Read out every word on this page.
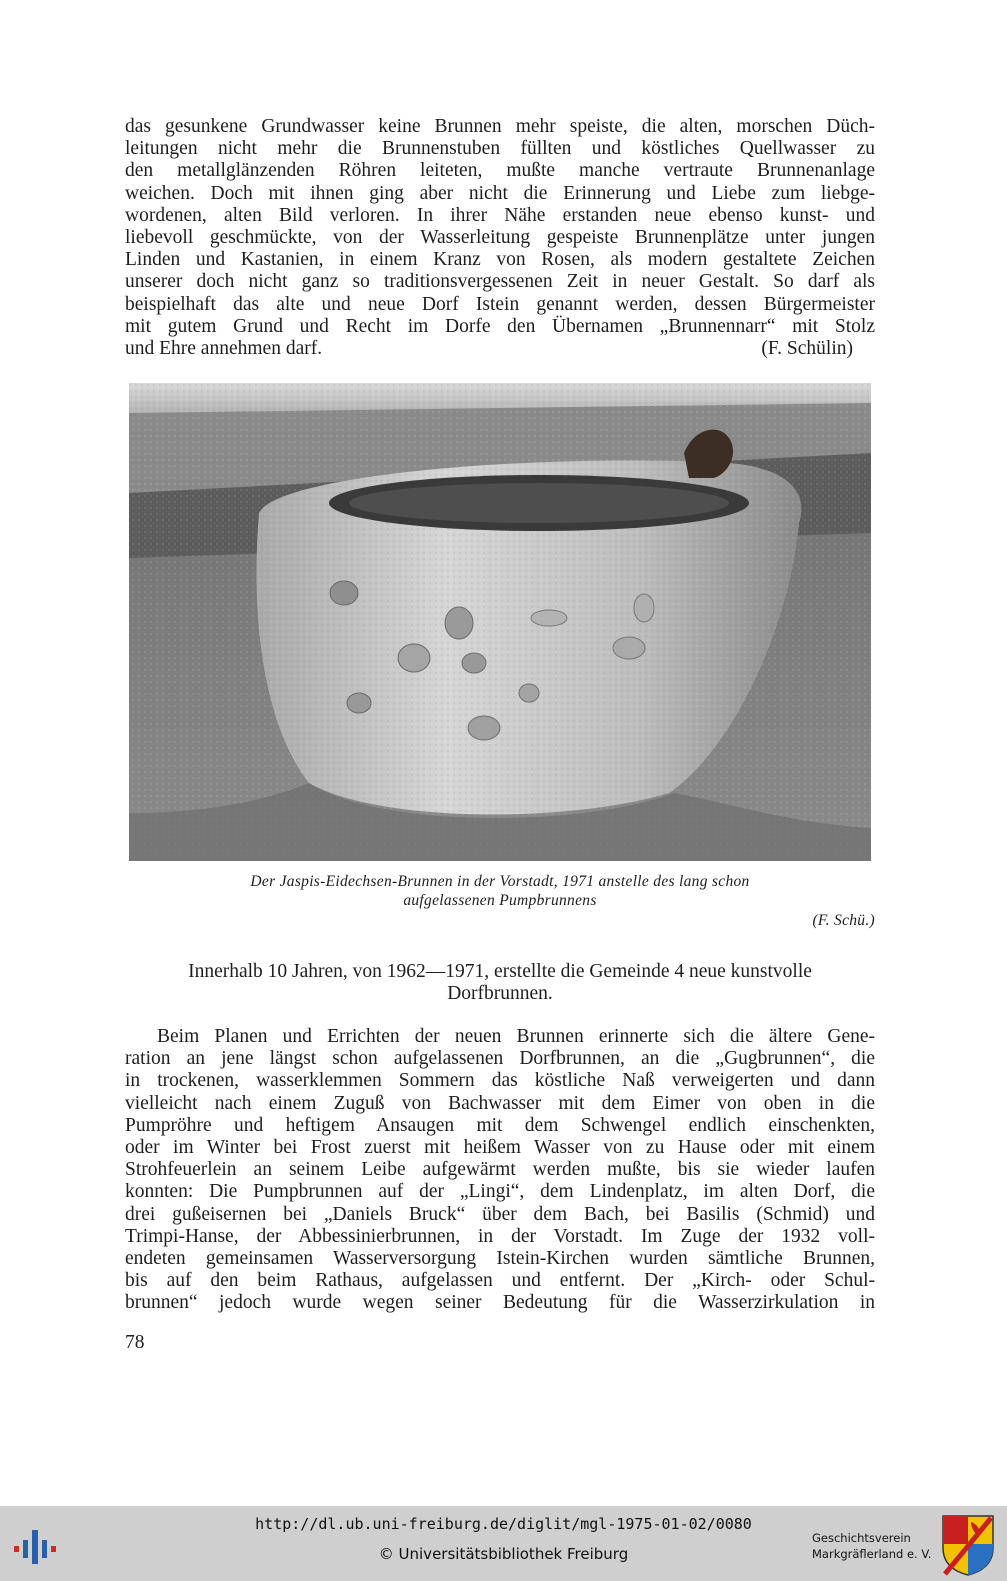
das gesunkene Grundwasser keine Brunnen mehr speiste, die alten, morschen Düch-
leitungen nicht mehr die Brunnenstuben füllten und köstliches Quellwasser zu
den metallglänzenden Röhren leiteten, mußte manche vertraute Brunnenanlage
weichen. Doch mit ihnen ging aber nicht die Erinnerung und Liebe zum liebge-
wordenen, alten Bild verloren. In ihrer Nähe erstanden neue ebenso kunst- und
liebevoll geschmückte, von der Wasserleitung gespeiste Brunnenplätze unter jungen
Linden und Kastanien, in einem Kranz von Rosen, als modern gestaltete Zeichen
unserer doch nicht ganz so traditionsvergessenen Zeit in neuer Gestalt. So darf als
beispielhaft das alte und neue Dorf Istein genannt werden, dessen Bürgermeister
mit gutem Grund und Recht im Dorfe den Übernamen „Brunnennarr“ mit Stolz
und Ehre annehmen darf.	(F. Schülin)
Der Jaspis-Eidechsen-Brunnen in der Vorstadt, 1971 anstelle des lang schon
aufgelassenen Pumpbrunnens
(F. Schü.)
Innerhalb 10 Jahren, von 1962—1971, erstellte die Gemeinde 4 neue kunstvolle
Dorfbrunnen.
Beim Planen und Errichten der neuen Brunnen erinnerte sich die ältere Gene-
ration an jene längst schon aufgelassenen Dorfbrunnen, an die „Gugbrunnen“, die
in trockenen, wasserklemmen Sommern das köstliche Naß verweigerten und dann
vielleicht nach einem Zuguß von Bachwasser mit dem Eimer von oben in die
Pumpröhre und heftigem Ansaugen mit dem Schwengel endlich einschenkten,
oder im Winter bei Frost zuerst mit heißem Wasser von zu Hause oder mit einem
Strohfeuerlein an seinem Leibe aufgewärmt werden mußte, bis sie wieder laufen
konnten: Die Pumpbrunnen auf der „Lingi“, dem Lindenplatz, im alten Dorf, die
drei gußeisernen bei „Daniels Bruck“ über dem Bach, bei Basilis (Schmid) und
Trimpi-Hanse, der Abbessinierbrunnen, in der Vorstadt. Im Zuge der 1932 voll-
endeten gemeinsamen Wasserversorgung Istein-Kirchen wurden sämtliche Brunnen,
bis auf den beim Rathaus, aufgelassen und entfernt. Der „Kirch- oder Schul-
brunnen“ jedoch wurde wegen seiner Bedeutung für die Wasserzirkulation in
78
http://dl.ub.uni-freiburg.de/diglit/mgl-1975-01-02/0080
© Universitätsbibliothek Freiburg
Geschichtsverein
Markgräflerland e. V.
